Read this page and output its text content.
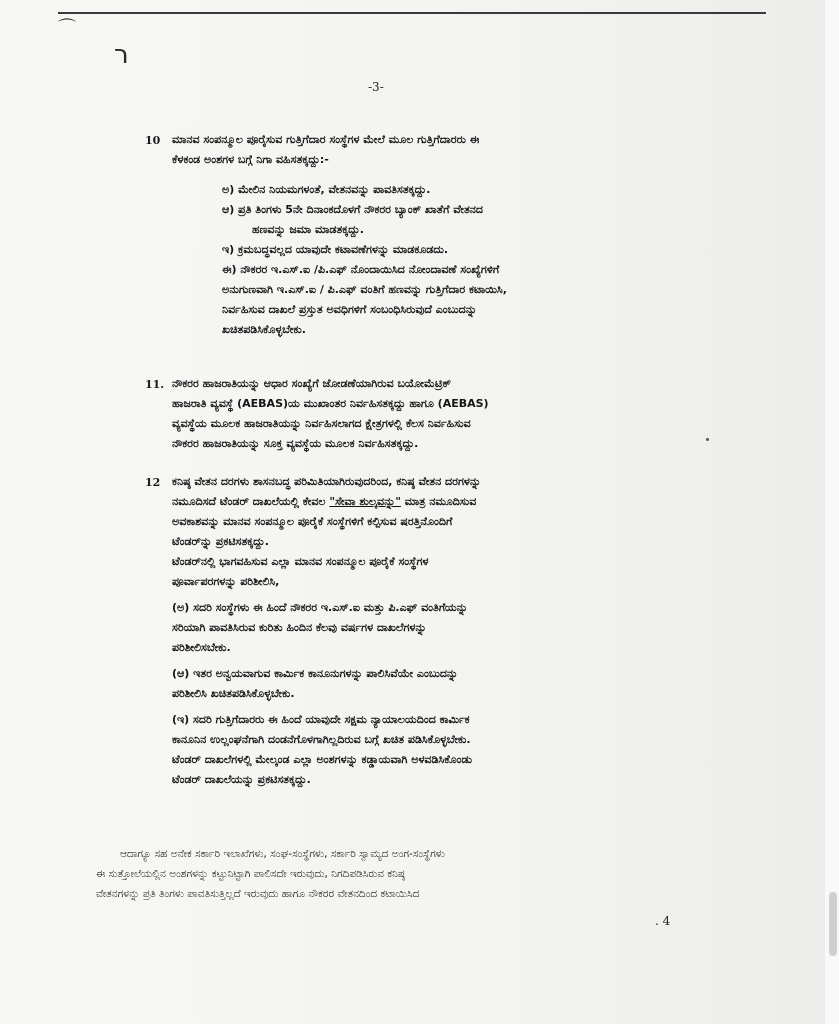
⌒
ר
-3-
10 ಮಾನವ ಸಂಪನ್ಮೂಲ ಪೂರೈಸುವ ಗುತ್ತಿಗೆದಾರ ಸಂಸ್ಥೆಗಳ ಮೇಲೆ ಮೂಲ ಗುತ್ತಿಗೆದಾರರು ಈ
ಕೆಳಕಂಡ ಅಂಶಗಳ ಬಗ್ಗೆ ನಿಗಾ ವಹಿಸತಕ್ಕದ್ದು:-
ಅ) ಮೇಲಿನ ನಿಯಮಗಳಂತೆ, ವೇತನವನ್ನು ಪಾವತಿಸತಕ್ಕದ್ದು.
ಆ) ಪ್ರತಿ ತಿಂಗಳು 5ನೇ ದಿನಾಂಕದೊಳಗೆ ನೌಕರರ ಬ್ಯಾಂಕ್ ಖಾತೆಗೆ ವೇತನದ
ಹಣವನ್ನು ಜಮಾ ಮಾಡತಕ್ಕದ್ದು.
ಇ) ಕ್ರಮಬದ್ಧವಲ್ಲದ ಯಾವುದೇ ಕಟಾವಣೆಗಳನ್ನು ಮಾಡಕೂಡದು.
ಈ) ನೌಕರರ ಇ.ಎಸ್.ಐ /ಪಿ.ಎಫ್ ನೊಂದಾಯಿಸಿದ ನೋಂದಾವಣೆ ಸಂಖ್ಯೆಗಳಿಗೆ
ಅನುಗುಣವಾಗಿ ಇ.ಎಸ್.ಐ / ಪಿ.ಎಫ್ ವಂತಿಗೆ ಹಣವನ್ನು ಗುತ್ತಿಗೆದಾರ ಕಟಾಯಿಸಿ,
ನಿರ್ವಹಿಸುವ ದಾಖಲೆ ಪ್ರಸ್ತುತ ಅವಧಿಗಳಿಗೆ ಸಂಬಂಧಿಸಿರುವುದೆ ಎಂಬುದನ್ನು
ಖಚಿತಪಡಿಸಿಕೊಳ್ಳಬೇಕು.
11. ನೌಕರರ ಹಾಜರಾತಿಯನ್ನು ಆಧಾರ ಸಂಖ್ಯೆಗೆ ಜೋಡಣೆಯಾಗಿರುವ ಬಯೋಮೆಟ್ರಿಕ್
ಹಾಜರಾತಿ ವ್ಯವಸ್ಥೆ (AEBAS)ಯ ಮುಖಾಂತರ ನಿರ್ವಹಿಸತಕ್ಕದ್ದು ಹಾಗೂ (AEBAS)
ವ್ಯವಸ್ಥೆಯ ಮೂಲಕ ಹಾಜರಾತಿಯನ್ನು ನಿರ್ವಹಿಸಲಾಗದ ಕ್ಷೇತ್ರಗಳಲ್ಲಿ ಕೆಲಸ ನಿರ್ವಹಿಸುವ
ನೌಕರರ ಹಾಜರಾತಿಯನ್ನು ಸೂಕ್ತ ವ್ಯವಸ್ಥೆಯ ಮೂಲಕ ನಿರ್ವಹಿಸತಕ್ಕದ್ದು.
12 ಕನಿಷ್ಠ ವೇತನ ದರಗಳು ಶಾಸನಬದ್ಧ ಪರಿಮಿತಿಯಾಗಿರುವುದರಿಂದ, ಕನಿಷ್ಠ ವೇತನ ದರಗಳನ್ನು
ನಮೂದಿಸದೆ ಟೆಂಡರ್ ದಾಖಲೆಯಲ್ಲಿ ಕೇವಲ "ಸೇವಾ ಶುಲ್ಕವನ್ನು" ಮಾತ್ರ ನಮೂದಿಸುವ
ಅವಕಾಶವನ್ನು ಮಾನವ ಸಂಪನ್ಮೂಲ ಪೂರೈಕೆ ಸಂಸ್ಥೆಗಳಿಗೆ ಕಲ್ಪಿಸುವ ಷರತ್ತಿನೊಂದಿಗೆ
ಟೆಂಡರ್‌ನ್ನು ಪ್ರಕಟಿಸತಕ್ಕದ್ದು.
ಟೆಂಡರ್‌ನಲ್ಲಿ ಭಾಗವಹಿಸುವ ಎಲ್ಲಾ ಮಾನವ ಸಂಪನ್ಮೂಲ ಪೂರೈಕೆ ಸಂಸ್ಥೆಗಳ
ಪೂರ್ವಾಪರಗಳನ್ನು ಪರಿಶೀಲಿಸಿ,
(ಅ) ಸದರಿ ಸಂಸ್ಥೆಗಳು ಈ ಹಿಂದೆ ನೌಕರರ ಇ.ಎಸ್.ಐ ಮತ್ತು ಪಿ.ಎಫ್ ವಂತಿಗೆಯನ್ನು
ಸರಿಯಾಗಿ ಪಾವತಿಸಿರುವ ಕುರಿತು ಹಿಂದಿನ ಕೆಲವು ವರ್ಷಗಳ ದಾಖಲೆಗಳನ್ನು
ಪರಿಶೀಲಿಸಬೇಕು.
(ಆ) ಇತರ ಅನ್ವಯವಾಗುವ ಕಾರ್ಮಿಕ ಕಾನೂನುಗಳನ್ನು ಪಾಲಿಸಿವೆಯೇ ಎಂಬುದನ್ನು
ಪರಿಶೀಲಿಸಿ ಖಚಿತಪಡಿಸಿಕೊಳ್ಳಬೇಕು.
(ಇ) ಸದರಿ ಗುತ್ತಿಗೆದಾರರು ಈ ಹಿಂದೆ ಯಾವುದೇ ಸಕ್ಷಮ ನ್ಯಾಯಾಲಯದಿಂದ ಕಾರ್ಮಿಕ
ಕಾನೂನಿನ ಉಲ್ಲಂಘನೆಗಾಗಿ ದಂಡನೆಗೊಳಗಾಗಿಲ್ಲದಿರುವ ಬಗ್ಗೆ ಖಚಿತ ಪಡಿಸಿಕೊಳ್ಳಬೇಕು.
ಟೆಂಡರ್ ದಾಖಲೆಗಳಲ್ಲಿ ಮೇಲ್ಕಂಡ ಎಲ್ಲಾ ಅಂಶಗಳನ್ನು ಕಡ್ಡಾಯವಾಗಿ ಅಳವಡಿಸಿಕೊಂಡು
ಟೆಂಡರ್ ದಾಖಲೆಯನ್ನು ಪ್ರಕಟಿಸತಕ್ಕದ್ದು.
ಆದಾಗ್ಯೂ ಸಹ ಅನೇಕ ಸರ್ಕಾರಿ ಇಲಾಖೆಗಳು, ಸಂಘ-ಸಂಸ್ಥೆಗಳು, ಸರ್ಕಾರಿ ಸ್ವಾಮ್ಯದ ಅಂಗ-ಸಂಸ್ಥೆಗಳು
ಈ ಸುತ್ತೋಲೆಯಲ್ಲಿನ ಅಂಶಗಳನ್ನು ಕಟ್ಟುನಿಟ್ಟಾಗಿ ಪಾಲಿಸದೇ ಇರುವುದು, ನಿಗದಿಪಡಿಸಿರುವ ಕನಿಷ್ಠ
ವೇತನಗಳನ್ನು ಪ್ರತಿ ತಿಂಗಳು ಪಾವತಿಸುತ್ತಿಲ್ಲದೆ ಇರುವುದು ಹಾಗೂ ನೌಕರರ ವೇತನದಿಂದ ಕಟಾಯಿಸಿದ
. 4
